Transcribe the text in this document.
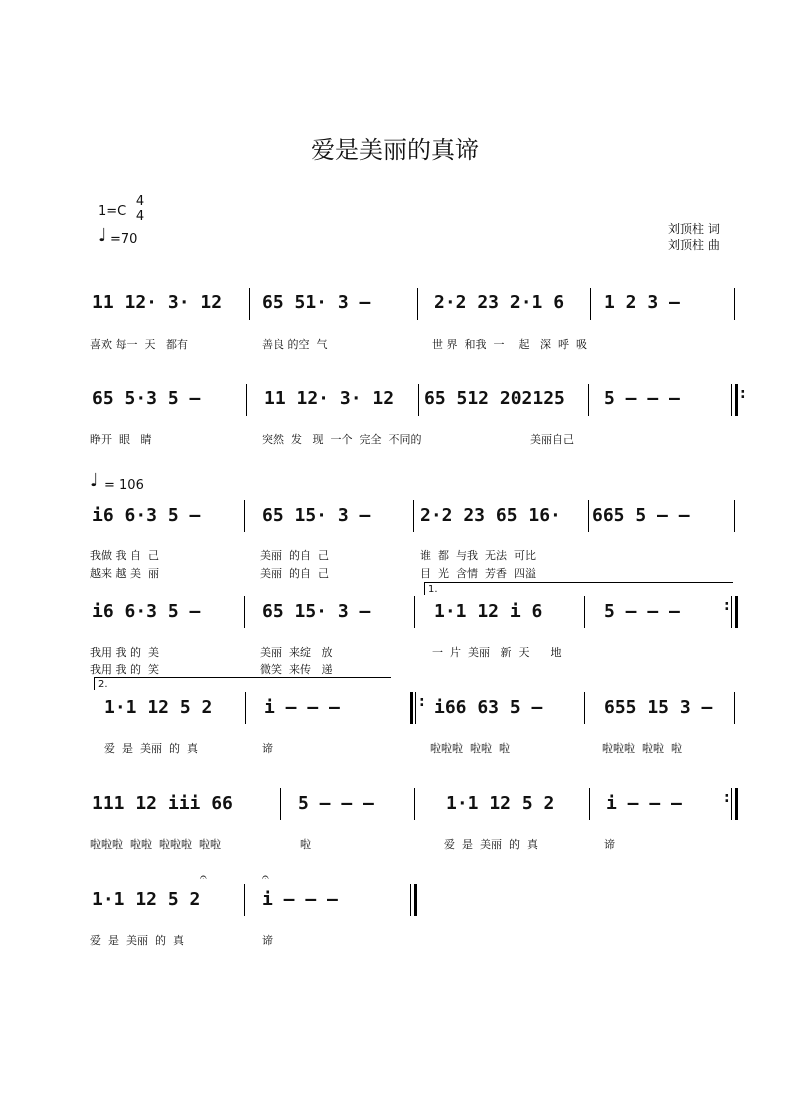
爱是美丽的真谛
1=C
4
4
♩ =70
刘顶柱 词
刘顶柱 曲
11 12· 3· 12 65 51· 3 –	2·2 23 2·1 6 1 2 3 –
喜欢 每一  天   都有	善良 的空  气	世 界  和我  一    起   深  呼  吸
65 5·3 5 –	11 12· 3· 12 65 512 202125 5 – – –	:
睁开  眼   睛	突然  发   现  一个  完全  不同的	美丽自己
♩ = 106
i6 6·3 5 –	65 15· 3 –	2·2 23 65 16· 665 5 – –
我做 我 自  己	美丽  的自  己	谁  都  与我  无法  可比
越来 越 美  丽	美丽  的自  己	目  光  含情  芳香  四溢
1.
i6 6·3 5 –	65 15· 3 –	1·1 12 i 6	5 – – –	:
我用 我 的  美	美丽  来绽   放	一  片  美丽   新  天      地
我用 我 的  笑	微笑  来传   递
2.
1·1 12 5 2	i – – –	i66 63 5 –	655 15 3 –
:
爱  是  美丽  的  真	谛	啦啦啦  啦啦  啦	啦啦啦  啦啦  啦
111 12 iii 66	5 – – –	1·1 12 5 2	i – – –	:
啦啦啦  啦啦  啦啦啦  啦啦	啦	爱  是  美丽  的  真	谛
𝄐	𝄐
1·1 12 5 2	i – – –
爱  是  美丽  的  真	谛
